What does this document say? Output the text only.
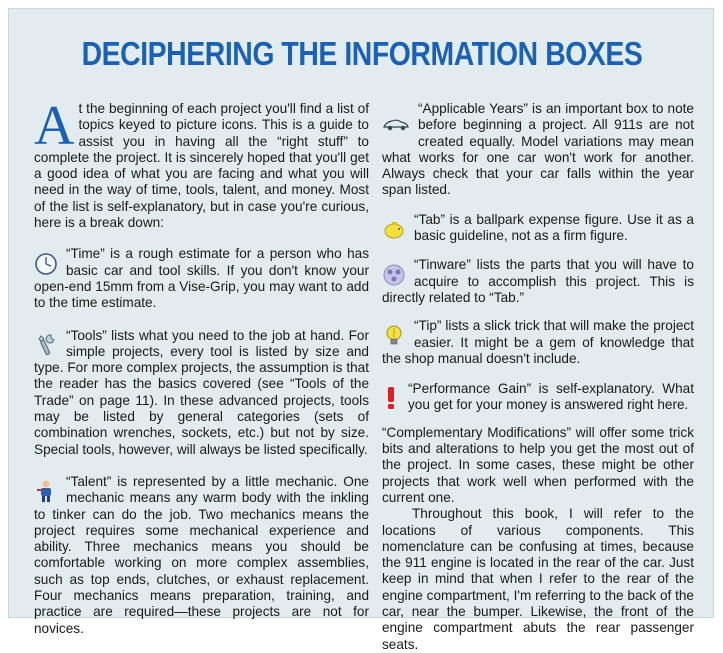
DECIPHERING THE INFORMATION BOXES
A t the beginning of each project you'll find a list of topics keyed to picture icons. This is a guide to assist you in having all the “right stuff” to complete the project. It is sincerely hoped that you'll get a good idea of what you are facing and what you will need in the way of time, tools, talent, and money. Most of the list is self-explanatory, but in case you're curious, here is a break down:

“Time” is a rough estimate for a person who has basic car and tool skills. If you don't know your open-end 15mm from a Vise-Grip, you may want to add to the time estimate.

“Tools” lists what you need to the job at hand. For simple projects, every tool is listed by size and type. For more complex projects, the assumption is that the reader has the basics covered (see “Tools of the Trade” on page 11). In these advanced projects, tools may be listed by general categories (sets of combination wrenches, sockets, etc.) but not by size. Special tools, however, will always be listed specifically.

“Talent” is represented by a little mechanic. One mechanic means any warm body with the inkling to tinker can do the job. Two mechanics means the project requires some mechanical experience and ability. Three mechanics means you should be comfortable working on more complex assemblies, such as top ends, clutches, or exhaust replacement. Four mechanics means preparation, training, and practice are required—these projects are not for novices.

“Applicable Years” is an important box to note before beginning a project. All 911s are not created equally. Model variations may mean what works for one car won't work for another. Always check that your car falls within the year span listed.

“Tab” is a ballpark expense figure. Use it as a basic guideline, not as a firm figure.

“Tinware” lists the parts that you will have to acquire to accomplish this project. This is directly related to “Tab.”

“Tip” lists a slick trick that will make the project easier. It might be a gem of knowledge that the shop manual doesn't include.

“Performance Gain” is self-explanatory. What you get for your money is answered right here.

“Complementary Modifications” will offer some trick bits and alterations to help you get the most out of the project. In some cases, these might be other projects that work well when performed with the current one.

Throughout this book, I will refer to the locations of various components. This nomenclature can be confusing at times, because the 911 engine is located in the rear of the car. Just keep in mind that when I refer to the rear of the engine compartment, I'm referring to the back of the car, near the bumper. Likewise, the front of the engine compartment abuts the rear passenger seats.
